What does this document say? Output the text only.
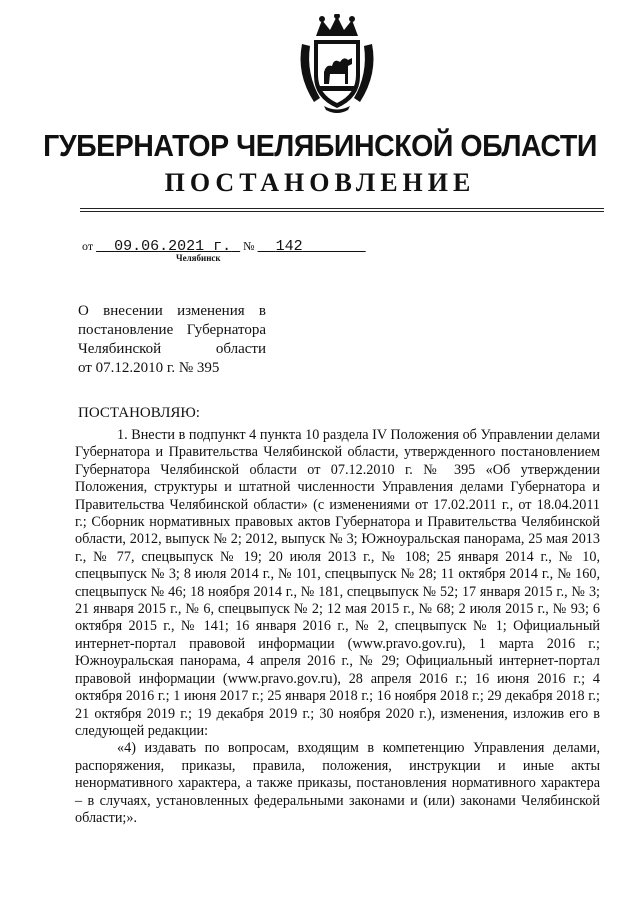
ГУБЕРНАТОР ЧЕЛЯБИНСКОЙ ОБЛАСТИ
ПОСТАНОВЛЕНИЕ
от 09.06.2021 г. № 142
Челябинск
О внесении изменения в
постановление Губернатора
Челябинской области
от 07.12.2010 г. № 395
ПОСТАНОВЛЯЮ:

1. Внести в подпункт 4 пункта 10 раздела IV Положения об Управлении делами Губернатора и Правительства Челябинской области, утвержденного постановлением Губернатора Челябинской области от 07.12.2010 г. № 395 «Об утверждении Положения, структуры и штатной численности Управления делами Губернатора и Правительства Челябинской области» (с изменениями от 17.02.2011 г., от 18.04.2011 г.; Сборник нормативных правовых актов Губернатора и Правительства Челябинской области, 2012, выпуск № 2; 2012, выпуск № 3; Южноуральская панорама, 25 мая 2013 г., № 77, спецвыпуск № 19; 20 июля 2013 г., № 108; 25 января 2014 г., № 10, спецвыпуск № 3; 8 июля 2014 г., № 101, спецвыпуск № 28; 11 октября 2014 г., № 160, спецвыпуск № 46; 18 ноября 2014 г., № 181, спецвыпуск № 52; 17 января 2015 г., № 3; 21 января 2015 г., № 6, спецвыпуск № 2; 12 мая 2015 г., № 68; 2 июля 2015 г., № 93; 6 октября 2015 г., № 141; 16 января 2016 г., № 2, спецвыпуск № 1; Официальный интернет-портал правовой информации (www.pravo.gov.ru), 1 марта 2016 г.; Южноуральская панорама, 4 апреля 2016 г., № 29; Официальный интернет-портал правовой информации (www.pravo.gov.ru), 28 апреля 2016 г.; 16 июня 2016 г.; 4 октября 2016 г.; 1 июня 2017 г.; 25 января 2018 г.; 16 ноября 2018 г.; 29 декабря 2018 г.; 21 октября 2019 г.; 19 декабря 2019 г.; 30 ноября 2020 г.), изменения, изложив его в следующей редакции:

«4) издавать по вопросам, входящим в компетенцию Управления делами, распоряжения, приказы, правила, положения, инструкции и иные акты ненормативного характера, а также приказы, постановления нормативного характера – в случаях, установленных федеральными законами и (или) законами Челябинской области;».
